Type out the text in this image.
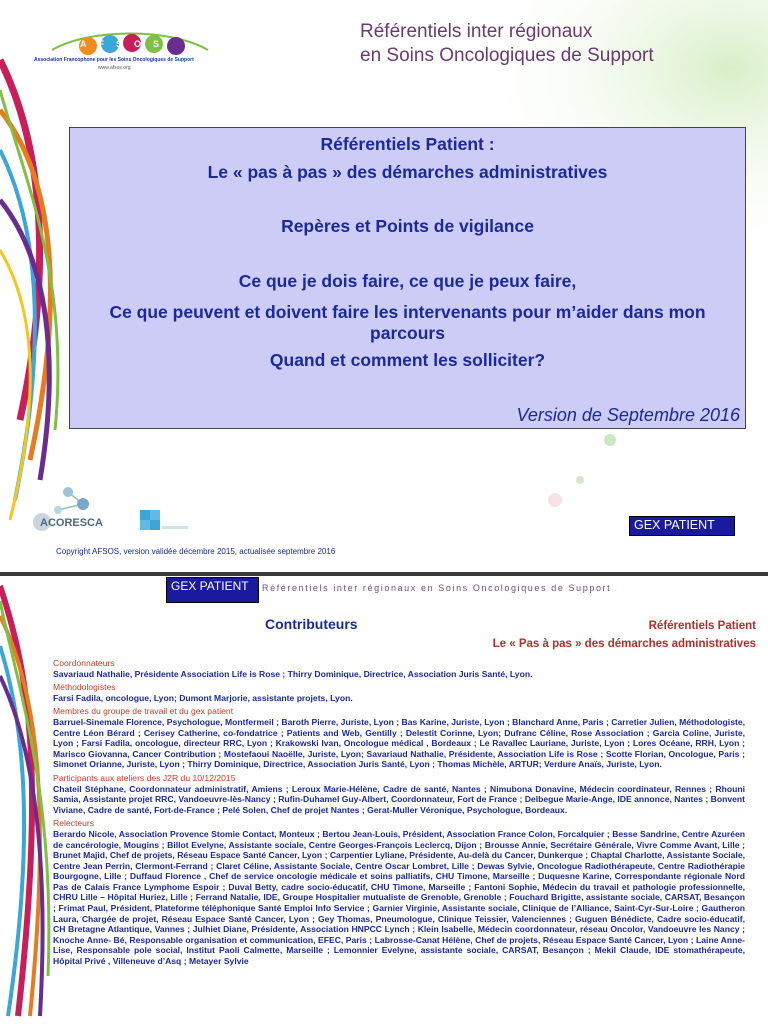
AFSOS
Association Francophone pour les Soins Oncologiques de Support
www.afsos.org
Référentiels inter régionaux
en Soins Oncologiques de Support
Référentiels Patient :
Le « pas à pas » des démarches administratives
Repères et Points de vigilance
Ce que je dois faire, ce que je peux faire,
Ce que peuvent et doivent faire les intervenants pour m’aider dans mon
parcours
Quand et comment les solliciter?
Version de Septembre 2016
ACORESCA	GEX PATIENT
Copyright AFSOS, version validée décembre 2015, actualisée septembre 2016
GEX PATIENT	Référentiels inter régionaux en Soins Oncologiques de Support
Contributeurs	Référentiels Patient
Le « Pas à pas » des démarches administratives
Coordonnateurs
Savariaud Nathalie, Présidente Association Life is Rose ; Thirry Dominique, Directrice, Association Juris Santé, Lyon.
Méthodologistes
Farsi Fadila, oncologue, Lyon; Dumont Marjorie, assistante projets, Lyon.
Membres du groupe de travail et du gex patient
Barruel-Sinemale Florence, Psychologue, Montfermeil ; Baroth Pierre, Juriste, Lyon ; Bas Karine, Juriste, Lyon ; Blanchard Anne, Paris ; Carretier Julien, Méthodologiste, Centre Léon Bérard ; Cerisey Catherine, co-fondatrice ; Patients and Web, Gentilly ; Delestit Corinne, Lyon; Dufranc Céline, Rose Association ; Garcia Coline, Juriste, Lyon ; Farsi Fadila, oncologue, directeur RRC, Lyon ; Krakowski Ivan, Oncologue médical , Bordeaux ; Le Ravallec Lauriane, Juriste, Lyon ; Lores Océane, RRH, Lyon ; Marisco Giovanna, Cancer Contribution ; Mostefaoui Naoëlle, Juriste, Lyon; Savariaud Nathalie, Présidente, Association Life is Rose ; Scotte Florian, Oncologue, Paris ; Simonet Orianne, Juriste, Lyon ; Thirry Dominique, Directrice, Association Juris Santé, Lyon ; Thomas Michèle, ARTUR; Verdure Anaïs, Juriste, Lyon.
Participants aux ateliers des J2R du 10/12/2015
Chateil Stéphane, Coordonnateur administratif, Amiens ; Leroux Marie-Hélène, Cadre de santé, Nantes ; Nimubona Donavine, Médecin coordinateur, Rennes ; Rhouni Samia, Assistante projet RRC, Vandoeuvre-lès-Nancy ; Rufin-Duhamel Guy-Albert, Coordonnateur, Fort de France ; Delbegue Marie-Ange, IDE annonce, Nantes ; Bonvent Viviane, Cadre de santé, Fort-de-France ; Pelé Solen, Chef de projet Nantes ; Gerat-Muller Véronique, Psychologue, Bordeaux.
Relecteurs
Berardo Nicole, Association Provence Stomie Contact, Monteux ; Bertou Jean-Louis, Président, Association France Colon, Forcalquier ; Besse Sandrine, Centre Azuréen de cancérologie, Mougins ; Billot Evelyne, Assistante sociale, Centre Georges-François Leclercq, Dijon ; Brousse Annie, Secrétaire Générale, Vivre Comme Avant, Lille ; Brunet Majid, Chef de projets, Réseau Espace Santé Cancer, Lyon ; Carpentier Lyliane, Présidente, Au-delà du Cancer, Dunkerque ; Chaptal Charlotte, Assistante Sociale, Centre Jean Perrin, Clermont-Ferrand ; Claret Céline, Assistante Sociale, Centre Oscar Lombret, Lille ; Dewas Sylvie, Oncologue Radiothérapeute, Centre Radiothérapie Bourgogne, Lille ; Duffaud Florence , Chef de service oncologie médicale et soins palliatifs, CHU Timone, Marseille ; Duquesne Karine, Correspondante régionale Nord Pas de Calais France Lymphome Espoir ; Duval Betty, cadre socio-éducatif, CHU Timone, Marseille ; Fantoni Sophie, Médecin du travail et pathologie professionnelle, CHRU Lille – Hôpital Huriez, Lille ; Ferrand Natalie, IDE, Groupe Hospitalier mutualiste de Grenoble, Grenoble ; Fouchard Brigitte, assistante sociale, CARSAT, Besançon ; Frimat Paul, Président, Plateforme téléphonique Santé Emploi Info Service ; Garnier Virginie, Assistante sociale, Clinique de l’Alliance, Saint-Cyr-Sur-Loire ; Gautheron Laura, Chargée de projet, Réseau Espace Santé Cancer, Lyon ; Gey Thomas, Pneumologue, Clinique Teissier, Valenciennes ; Guguen Bénédicte, Cadre socio-éducatif, CH Bretagne Atlantique, Vannes ; Julhiet Diane, Présidente, Association HNPCC Lynch ; Klein Isabelle, Médecin coordonnateur, réseau Oncolor, Vandoeuvre les Nancy ; Knoche Anne- Bé, Responsable organisation et communication, EFEC, Paris ; Labrosse-Canat Hélène, Chef de projets, Réseau Espace Santé Cancer, Lyon ; Laine Anne-Lise, Responsable pole social, Institut Paoli Calmette, Marseille ; Lemonnier Evelyne, assistante sociale, CARSAT, Besançon ; Mekil Claude, IDE stomathérapeute, Hôpital Privé , Villeneuve d’Asq ; Metayer Sylvie
